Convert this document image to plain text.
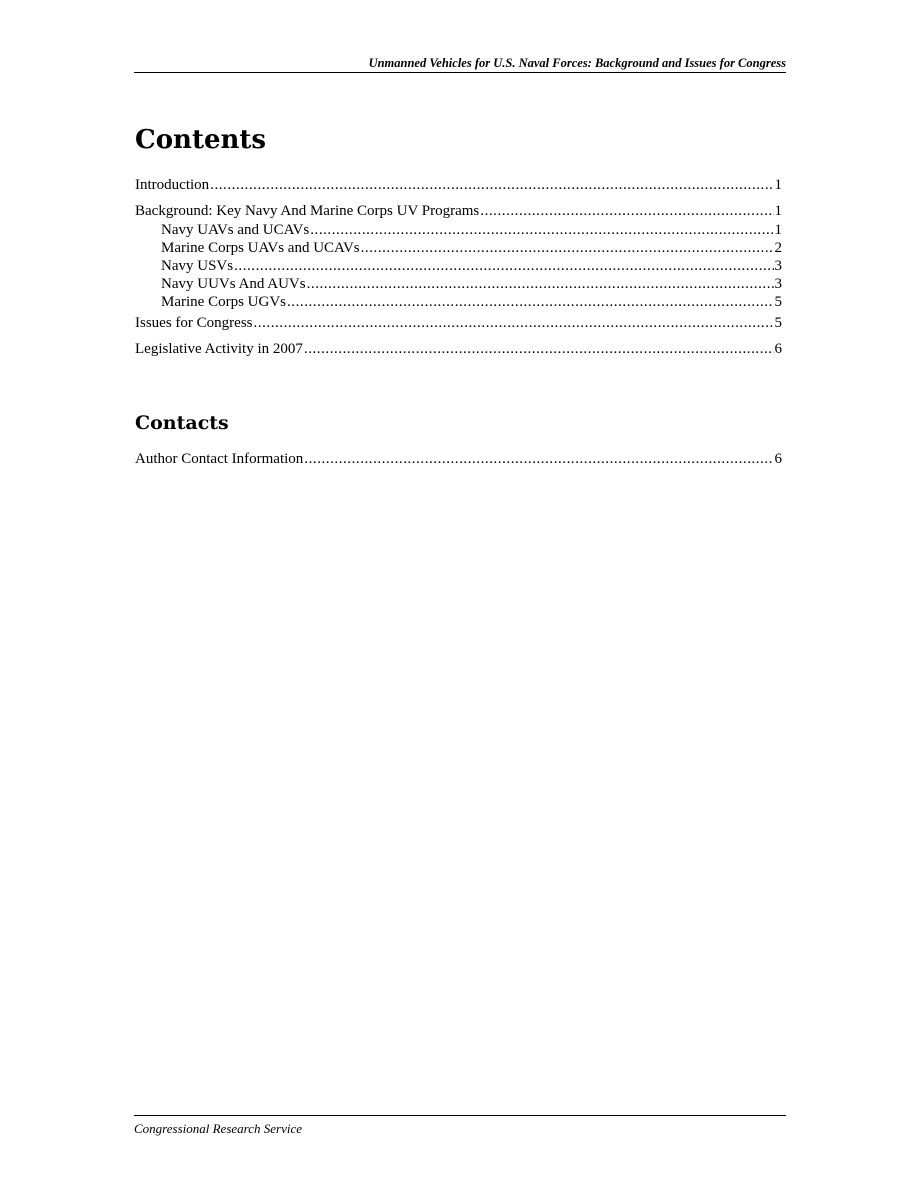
Unmanned Vehicles for U.S. Naval Forces: Background and Issues for Congress
Contents
Introduction . . .	1
Background: Key Navy And Marine Corps UV Programs . . .	1
Navy UAVs and UCAVs . . .	1
Marine Corps UAVs and UCAVs . . .	2
Navy USVs . . .	3
Navy UUVs And AUVs . . .	3
Marine Corps UGVs . . .	5
Issues for Congress . . .	5
Legislative Activity in 2007 . . .	6
Contacts
Author Contact Information . . .	6
Congressional Research Service
